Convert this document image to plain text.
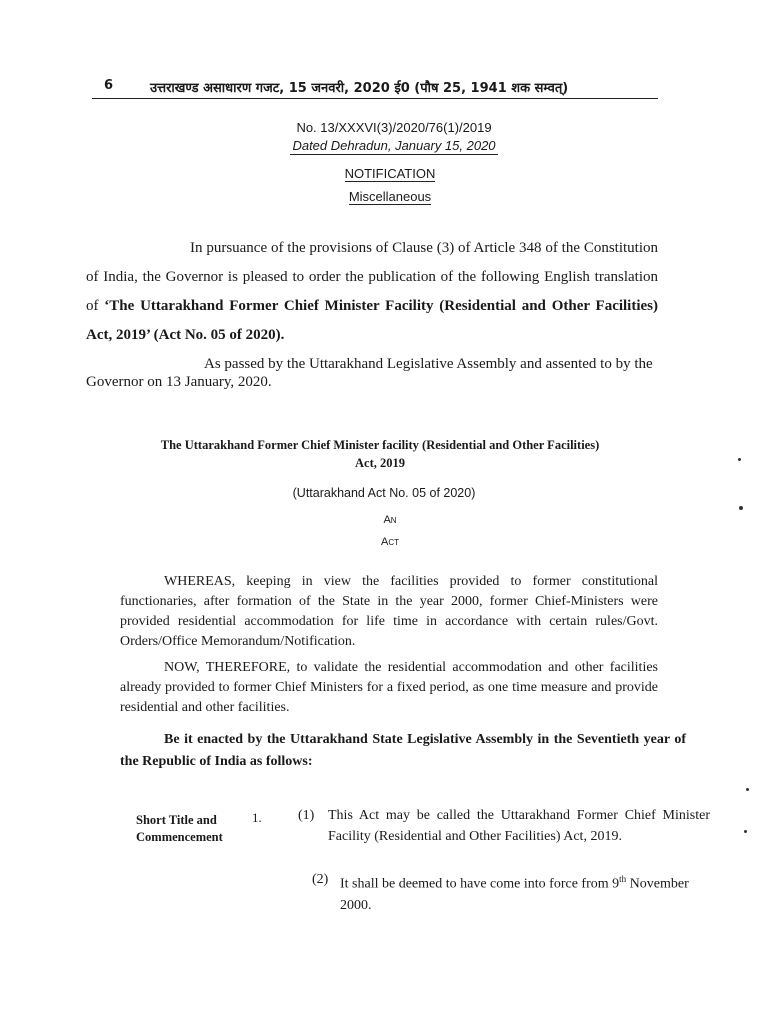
6	उत्तराखण्ड असाधारण गजट, 15 जनवरी, 2020 ई0 (पौष 25, 1941 शक सम्वत्)
No. 13/XXXVI(3)/2020/76(1)/2019
Dated Dehradun, January 15, 2020
NOTIFICATION
Miscellaneous

In pursuance of the provisions of Clause (3) of Article 348 of the Constitution of India, the Governor is pleased to order the publication of the following English translation of ‘The Uttarakhand Former Chief Minister Facility (Residential and Other Facilities) Act, 2019’ (Act No. 05 of 2020).

As passed by the Uttarakhand Legislative Assembly and assented to by the Governor on 13 January, 2020.

The Uttarakhand Former Chief Minister facility (Residential and Other Facilities)
Act, 2019
(Uttarakhand Act No. 05 of 2020)
An
Act

WHEREAS, keeping in view the facilities provided to former constitutional functionaries, after formation of the State in the year 2000, former Chief-Ministers were provided residential accommodation for life time in accordance with certain rules/Govt. Orders/Office Memorandum/Notification.

NOW, THEREFORE, to validate the residential accommodation and other facilities already provided to former Chief Ministers for a fixed period, as one time measure and provide residential and other facilities.

Be it enacted by the Uttarakhand State Legislative Assembly in the Seventieth year of the Republic of India as follows:
Short Title and
Commencement
1.	(1) This Act may be called the Uttarakhand Former Chief Minister Facility (Residential and Other Facilities) Act, 2019.
(2) It shall be deemed to have come into force from 9th November 2000.
